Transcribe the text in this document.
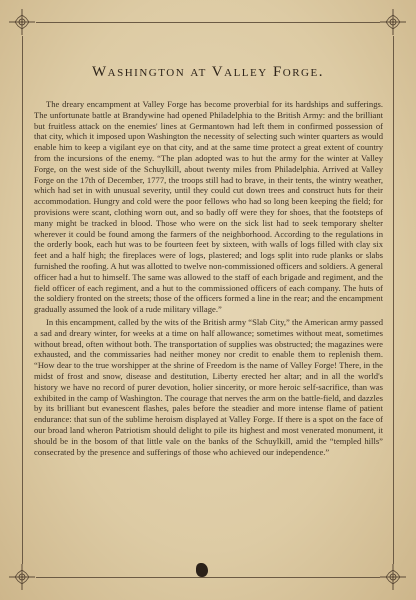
Washington at Valley Forge.

The dreary encampment at Valley Forge has become proverbial for its hardships and sufferings. The unfortunate battle at Brandywine had opened Philadelphia to the British Army: and the brilliant but fruitless attack on the enemies' lines at Germantown had left them in confirmed possession of that city, which it imposed upon Washington the necessity of selecting such winter quarters as would enable him to keep a vigilant eye on that city, and at the same time protect a great extent of country from the incursions of the enemy. “The plan adopted was to hut the army for the winter at Valley Forge, on the west side of the Schuylkill, about twenty miles from Philadelphia. Arrived at Valley Forge on the 17th of December, 1777, the troops still had to brave, in their tents, the wintry weather, which had set in with unusual severity, until they could cut down trees and construct huts for their accommodation. Hungry and cold were the poor fellows who had so long been keeping the field; for provisions were scant, clothing worn out, and so badly off were they for shoes, that the footsteps of many might be tracked in blood. Those who were on the sick list had to seek temporary shelter wherever it could be found among the farmers of the neighborhood. According to the regulations in the orderly book, each hut was to be fourteen feet by sixteen, with walls of logs filled with clay six feet and a half high; the fireplaces were of logs, plastered; and logs split into rude planks or slabs furnished the roofing. A hut was allotted to twelve non-commissioned officers and soldiers. A general officer had a hut to himself. The same was allowed to the staff of each brigade and regiment, and the field officer of each regiment, and a hut to the commissioned officers of each company. The huts of the soldiery fronted on the streets; those of the officers formed a line in the rear; and the encampment gradually assumed the look of a rude military village.”

In this encampment, called by the wits of the British army “Slab City,” the American army passed a sad and dreary winter, for weeks at a time on half allowance; sometimes without meat, sometimes without bread, often without both. The transportation of supplies was obstructed; the magazines were exhausted, and the commissaries had neither money nor credit to enable them to replenish them. “How dear to the true worshipper at the shrine of Freedom is the name of Valley Forge! There, in the midst of frost and snow, disease and destitution, Liberty erected her altar; and in all the world's history we have no record of purer devotion, holier sincerity, or more heroic self-sacrifice, than was exhibited in the camp of Washington. The courage that nerves the arm on the battle-field, and dazzles by its brilliant but evanescent flashes, pales before the steadier and more intense flame of patient endurance: that sun of the sublime heroism displayed at Valley Forge. If there is a spot on the face of our broad land wheron Patriotism should delight to pile its highest and most venerated monument, it should be in the bosom of that little vale on the banks of the Schuylkill, amid the “templed hills” consecrated by the presence and sufferings of those who achieved our independence.”
